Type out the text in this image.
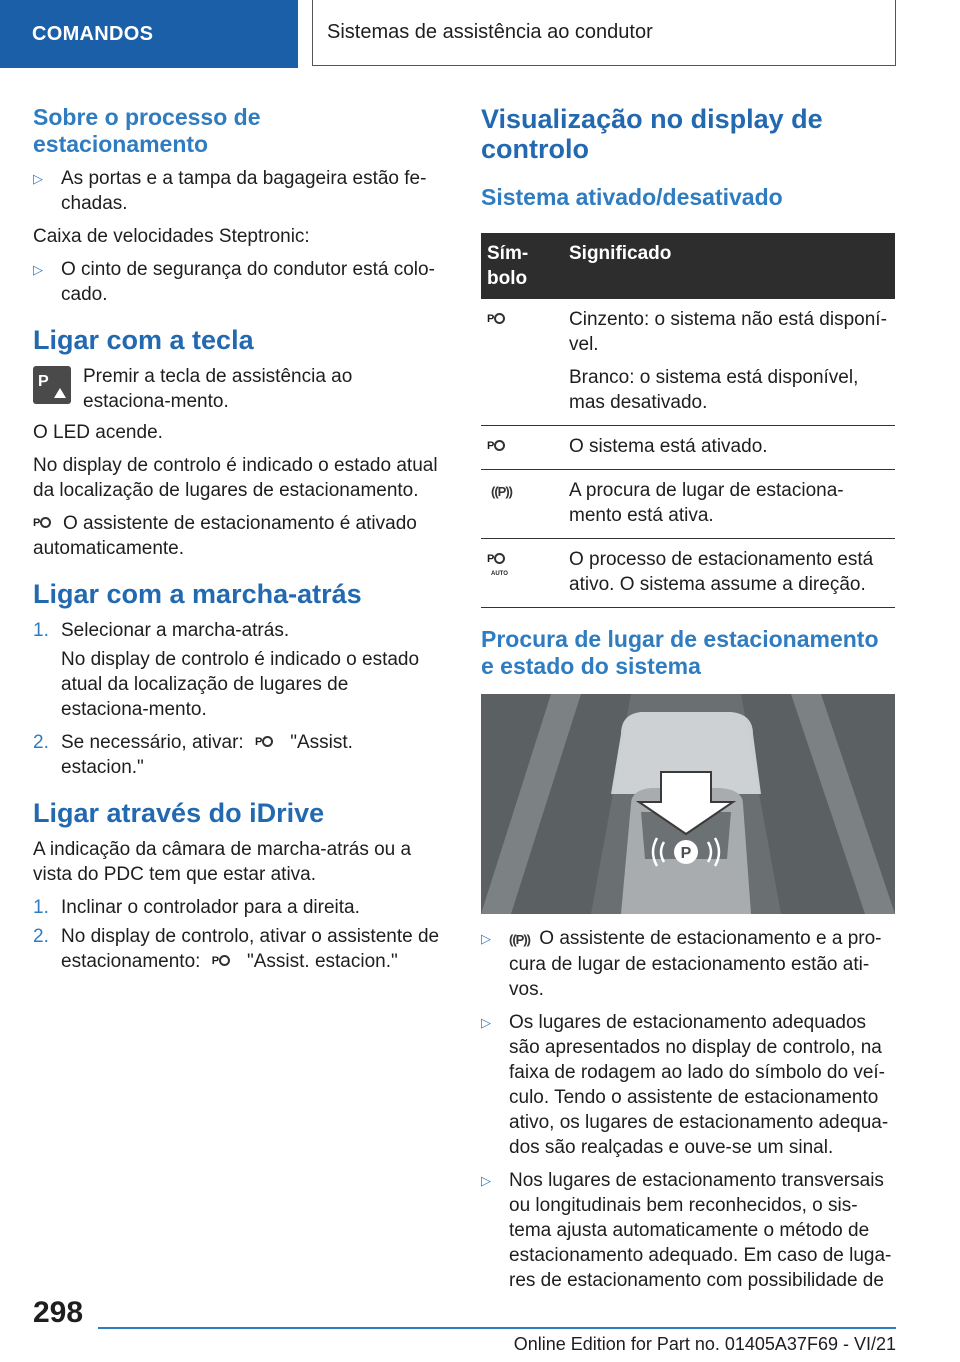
COMANDOS	Sistemas de assistência ao condutor
Sobre o processo de estacionamento
▷ As portas e a tampa da bagageira estão fe-chadas.

Caixa de velocidades Steptronic:

▷ O cinto de segurança do condutor está colo-cado.
Ligar com a tecla
P Premir a tecla de assistência ao estaciona-mento.

O LED acende.

No display de controlo é indicado o estado atual da localização de lugares de estacionamento.

P O assistente de estacionamento é ativado automaticamente.

Ligar com a marcha-atrás
1. Selecionar a marcha-atrás.

No display de controlo é indicado o estado atual da localização de lugares de estaciona-mento.

2. Se necessário, ativar: P "Assist. estacion."
Ligar através do iDrive

A indicação da câmara de marcha-atrás ou a vista do PDC tem que estar ativa.

1. Inclinar o controlador para a direita.
2. No display de controlo, ativar o assistente de estacionamento: P "Assist. estacion."
Visualização no display de controlo
Sistema ativado/desativado
Sím-bolo	Significado

P	Cinzento: o sistema não está disponí-vel.

Branco: o sistema está disponível, mas desativado.

P	O sistema está ativado.
((P))	A procura de lugar de estaciona-mento está ativa.

P
AUTO	O processo de estacionamento está ativo. O sistema assume a direção.
Procura de lugar de estacionamento e estado do sistema
P
▷	((P)) O assistente de estacionamento e a pro-cura de lugar de estacionamento estão ati-vos.
▷ Os lugares de estacionamento adequados são apresentados no display de controlo, na faixa de rodagem ao lado do símbolo do veí-culo. Tendo o assistente de estacionamento ativo, os lugares de estacionamento adequa-dos são realçadas e ouve-se um sinal.
▷ Nos lugares de estacionamento transversais ou longitudinais bem reconhecidos, o sis-tema ajusta automaticamente o método de estacionamento adequado. Em caso de luga-res de estacionamento com possibilidade de
298
Online Edition for Part no. 01405A37F69 - VI/21
